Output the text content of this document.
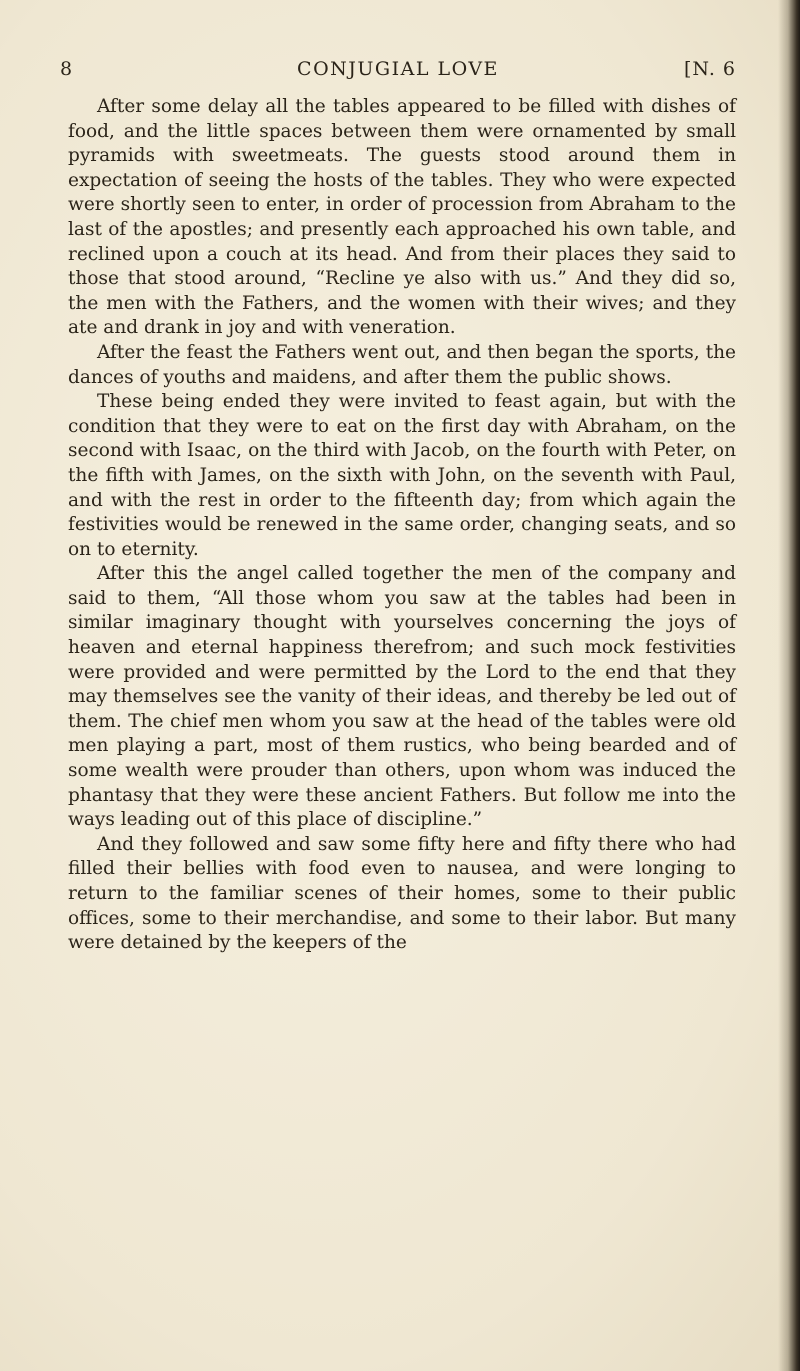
8	CONJUGIAL LOVE	[N. 6

After some delay all the tables appeared to be filled with dishes of food, and the little spaces between them were ornamented by small pyramids with sweetmeats. The guests stood around them in expectation of seeing the hosts of the tables. They who were expected were shortly seen to enter, in order of procession from Abraham to the last of the apostles; and presently each approached his own table, and reclined upon a couch at its head. And from their places they said to those that stood around, “Recline ye also with us.” And they did so, the men with the Fathers, and the women with their wives; and they ate and drank in joy and with veneration.

After the feast the Fathers went out, and then began the sports, the dances of youths and maidens, and after them the public shows.

These being ended they were invited to feast again, but with the condition that they were to eat on the first day with Abraham, on the second with Isaac, on the third with Jacob, on the fourth with Peter, on the fifth with James, on the sixth with John, on the seventh with Paul, and with the rest in order to the fifteenth day; from which again the festivities would be renewed in the same order, changing seats, and so on to eternity.

After this the angel called together the men of the company and said to them, “All those whom you saw at the tables had been in similar imaginary thought with yourselves concerning the joys of heaven and eternal happiness therefrom; and such mock festivities were provided and were permitted by the Lord to the end that they may themselves see the vanity of their ideas, and thereby be led out of them. The chief men whom you saw at the head of the tables were old men playing a part, most of them rustics, who being bearded and of some wealth were prouder than others, upon whom was induced the phantasy that they were these ancient Fathers. But follow me into the ways leading out of this place of discipline.”

And they followed and saw some fifty here and fifty there who had filled their bellies with food even to nausea, and were longing to return to the familiar scenes of their homes, some to their public offices, some to their merchandise, and some to their labor. But many were detained by the keepers of the
